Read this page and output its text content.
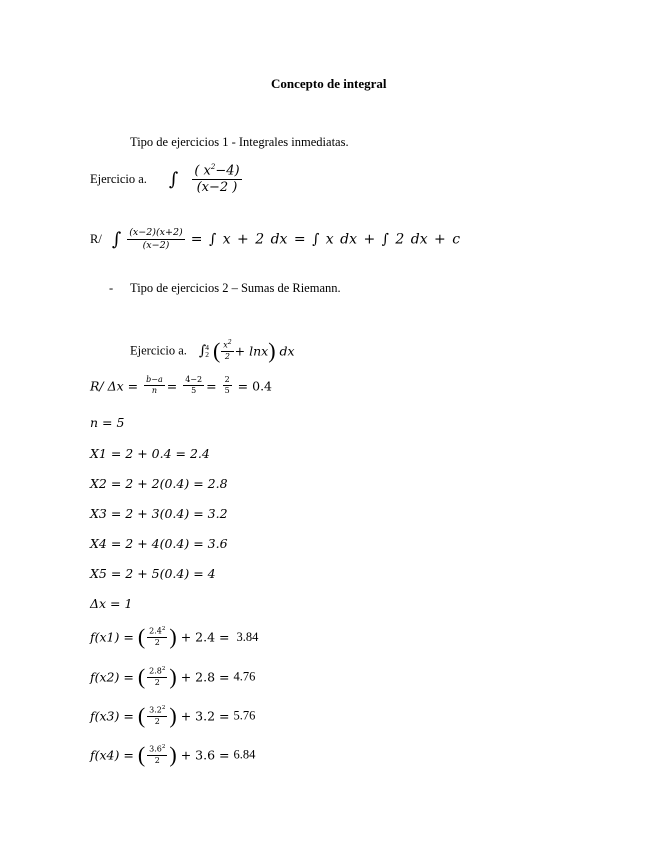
Concepto de integral
Tipo de ejercicios 1 - Integrales inmediatas.
Ejercicio a. ∫ $\frac{( x^2-4)}{(x-2 )}$
R/ ∫ $\frac{(x-2)(x+2)}{(x-2)}$ = ∫ x + 2 dx = ∫ x dx + ∫ 2 dx + c
- Tipo de ejercicios 2 – Sumas de Riemann.
Ejercicio a. ∫ 4
2 ( $\frac{x^2}{2} + \ln x$) dx
R/ $\Delta x = \frac{b-a}{n} = \frac{4-2}{5} = \frac{2}{5} = 0.4$
n = 5
X1 = 2 + 0.4 = 2.4
X2 = 2 + 2(0.4) = 2.8
X3 = 2 + 3(0.4) = 3.2
X4 = 2 + 4(0.4) = 3.6
X5 = 2 + 5(0.4) = 4
Δx = 1
f(x1) = ( $\frac{2.4^2}{2}$ ) + 2.4 = 3.84
f(x2) = ( $\frac{2.8^2}{2}$ ) + 2.8 = 4.76
f(x3) = ( $\frac{3.2^2}{2}$ ) + 3.2 = 5.76
f(x4) = ( $\frac{3.6^2}{2}$ ) + 3.6 = 6.84
